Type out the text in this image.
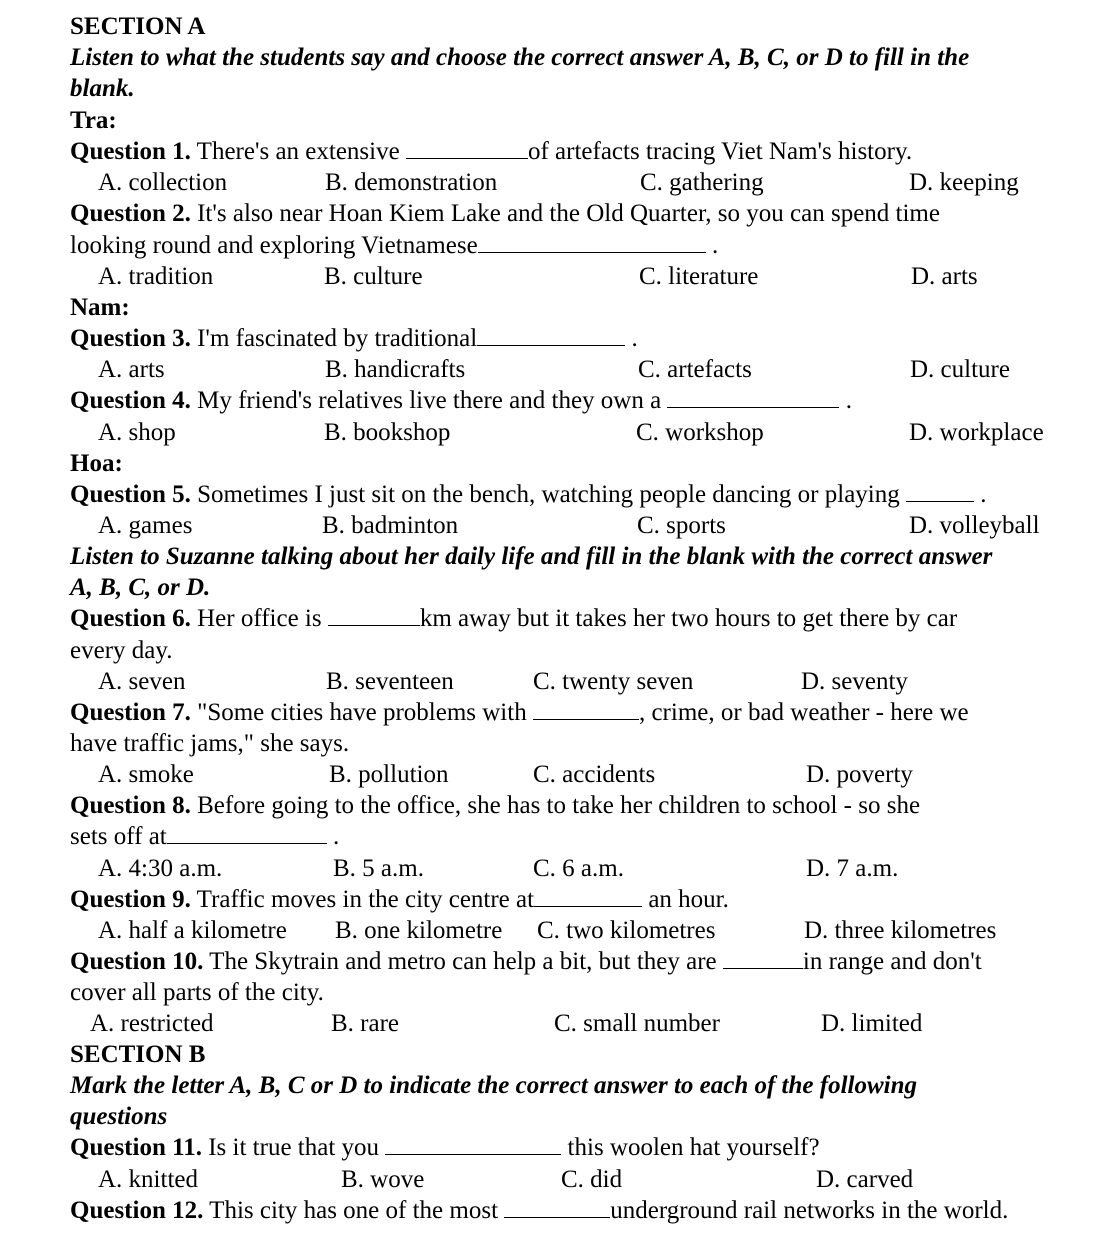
SECTION A
Listen to what the students say and choose the correct answer A, B, C, or D to fill in the
blank.
Tra:
Question 1. There's an extensive	of artefacts tracing Viet Nam's history.
A. collection	B. demonstration	C. gathering	D. keeping
Question 2. It's also near Hoan Kiem Lake and the Old Quarter, so you can spend time
looking round and exploring Vietnamese	.
A. tradition	B. culture	C. literature	D. arts
Nam:
Question 3. I'm fascinated by traditional	.
A. arts	B. handicrafts	C. artefacts	D. culture
Question 4. My friend's relatives live there and they own a	.
A. shop	B. bookshop	C. workshop	D. workplace
Hoa:
Question 5. Sometimes I just sit on the bench, watching people dancing or playing	.
A. games	B. badminton	C. sports	D. volleyball
Listen to Suzanne talking about her daily life and fill in the blank with the correct answer
A, B, C, or D.
Question 6. Her office is	km away but it takes her two hours to get there by car
every day.
A. seven	B. seventeen	C. twenty seven	D. seventy
Question 7. "Some cities have problems with	, crime, or bad weather - here we
have traffic jams," she says.
A. smoke	B. pollution	C. accidents	D. poverty
Question 8. Before going to the office, she has to take her children to school - so she
sets off at	.
A. 4:30 a.m.	B. 5 a.m.	C. 6 a.m.	D. 7 a.m.
Question 9. Traffic moves in the city centre at	an hour.
A. half a kilometre B. one kilometre C. two kilometres	D. three kilometres
Question 10. The Skytrain and metro can help a bit, but they are	in range and don't
cover all parts of the city.
A. restricted	B. rare	C. small number	D. limited
SECTION B
Mark the letter A, B, C or D to indicate the correct answer to each of the following
questions
Question 11. Is it true that you	this woolen hat yourself?
A. knitted	B. wove	C. did	D. carved
Question 12. This city has one of the most	underground rail networks in the world.
